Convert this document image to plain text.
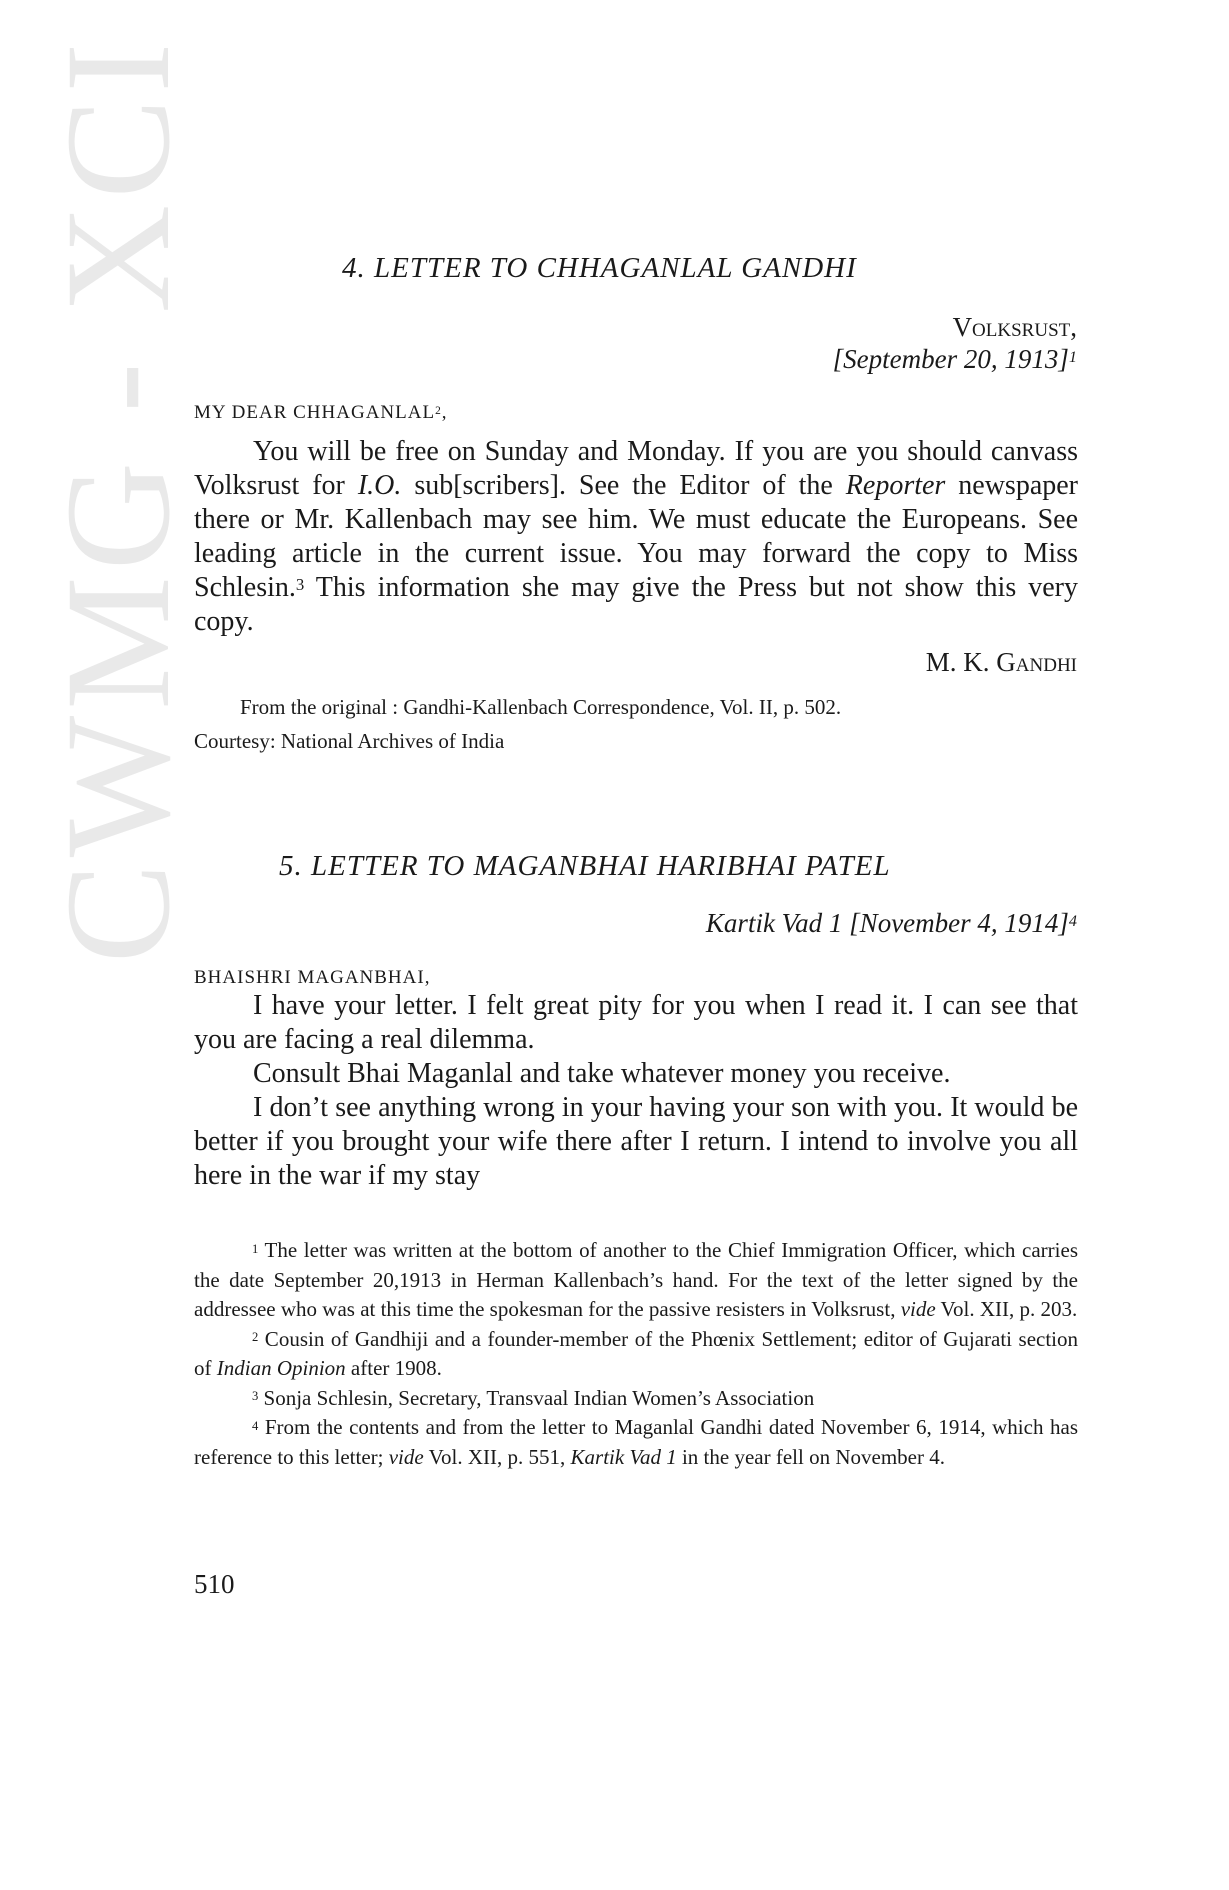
CWMG - XCI	4. LETTER TO CHHAGANLAL GANDHI
Volksrust,
[September 20, 1913]$^1$
MY DEAR CHHAGANLAL$^2$,

You will be free on Sunday and Monday. If you are you should canvass Volksrust for I.O. sub[scribers]. See the Editor of the Reporter newspaper there or Mr. Kallenbach may see him. We must educate the Europeans. See leading article in the current issue. You may forward the copy to Miss Schlesin.$^3$ This information she may give the Press but not show this very copy.

M. K. Gandhi
From the original : Gandhi-Kallenbach Correspondence, Vol. II, p. 502.
Courtesy: National Archives of India
5. LETTER TO MAGANBHAI HARIBHAI PATEL
Kartik Vad 1 [November 4, 1914]$^4$
BHAISHRI MAGANBHAI,

I have your letter. I felt great pity for you when I read it. I can see that you are facing a real dilemma.

Consult Bhai Maganlal and take whatever money you receive.

I don’t see anything wrong in your having your son with you. It would be better if you brought your wife there after I return. I intend to involve you all here in the war if my stay

$^1$ The letter was written at the bottom of another to the Chief Immigration Officer, which carries the date September 20,1913 in Herman Kallenbach’s hand. For the text of the letter signed by the addressee who was at this time the spokesman for the passive resisters in Volksrust, vide Vol. XII, p. 203.

$^2$ Cousin of Gandhiji and a founder-member of the Phœnix Settlement; editor of Gujarati section of Indian Opinion after 1908.

$^3$ Sonja Schlesin, Secretary, Transvaal Indian Women’s Association

$^4$ From the contents and from the letter to Maganlal Gandhi dated November 6, 1914, which has reference to this letter; vide Vol. XII, p. 551, Kartik Vad 1 in the year fell on November 4.

510
